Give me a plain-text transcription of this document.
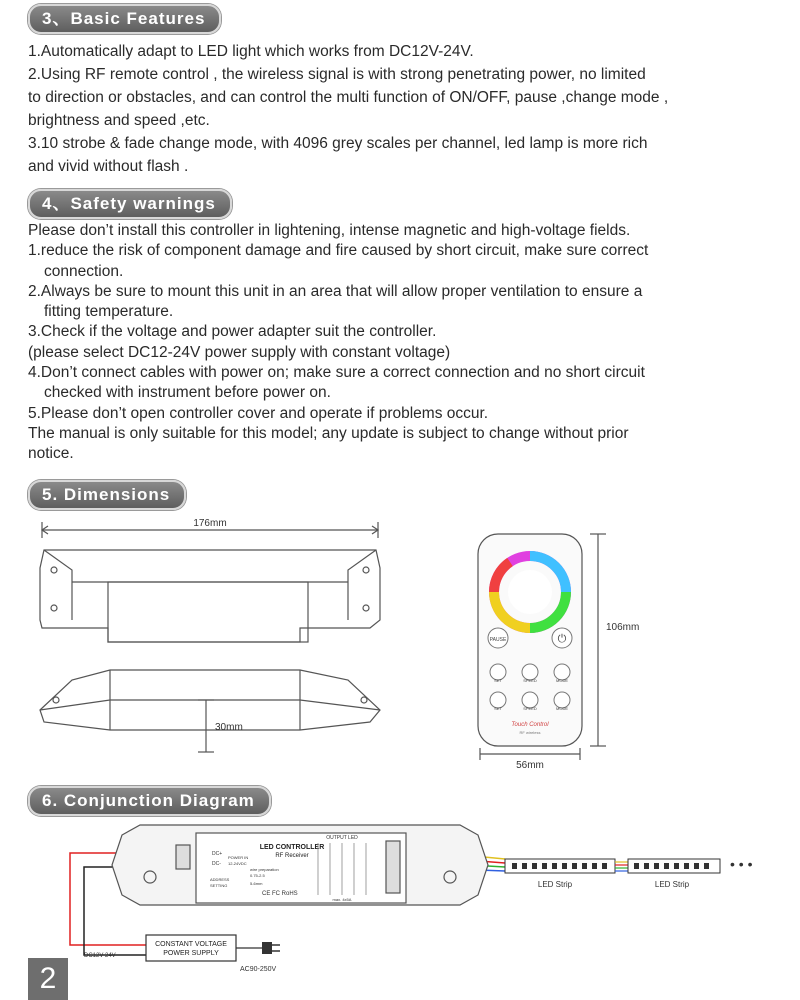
3、Basic Features

1.Automatically adapt to LED light which works from DC12V-24V.

2.Using RF remote control , the wireless signal is with strong penetrating power, no limited

to direction or obstacles, and can control the multi function of ON/OFF, pause ,change mode ,

brightness and speed ,etc.

3.10 strobe & fade change mode, with 4096 grey scales per channel, led lamp is more rich

and vivid without flash .

4、Safety warnings

Please don’t install this controller in lightening, intense magnetic and high-voltage fields.

1.reduce the risk of component damage and fire caused by short circuit, make sure correct

connection.

2.Always be sure to mount this unit in an area that will allow proper ventilation to ensure a

fitting temperature.

3.Check if the voltage and power adapter suit the controller.

(please select DC12-24V power supply with constant voltage)

4.Don’t connect cables with power on; make sure a correct connection and no short circuit

checked with instrument before power on.

5.Please don’t open controller cover and operate if problems occur.

The manual is only suitable for this model; any update is subject to change without prior

notice.

5. Dimensions
176mm
30mm
PAUSE	⏻
SET	SPEED	MODE
SET	SPEED	MODE
Touch Control
RF wireless
106mm
56mm
6. Conjunction Diagram
LED CONTROLLER
RF Receiver
DC+
DC-
POWER IN
12-24VDC
ADDRESS
SETTING
wire preparation
0.75-2.5
5-6mm
CE FC RoHS
OUTPUT LED
max. 4x5A
• • •
LED Strip	LED Strip
CONSTANT VOLTAGE
POWER SUPPLY
DC12V-24V
AC90-250V
2
